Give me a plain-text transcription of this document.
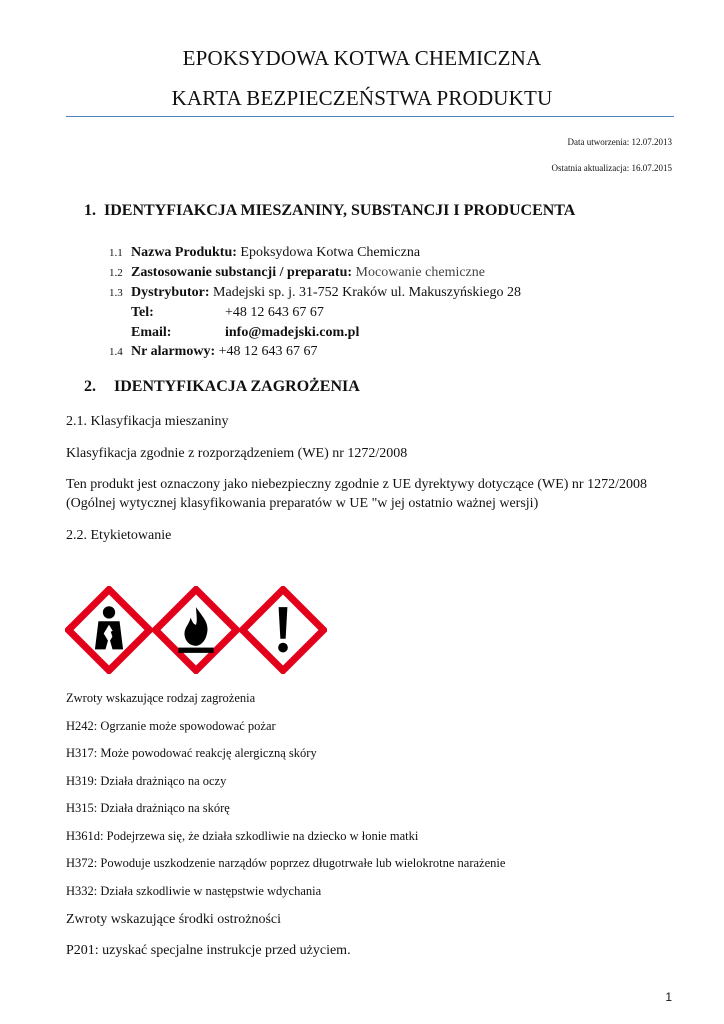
EPOKSYDOWA KOTWA CHEMICZNA
KARTA BEZPIECZEŃSTWA PRODUKTU
Data utworzenia: 12.07.2013
Ostatnia aktualizacja: 16.07.2015
1. IDENTYFIAKCJA MIESZANINY, SUBSTANCJI I PRODUCENTA
1.1 Nazwa Produktu: Epoksydowa Kotwa Chemiczna
1.2 Zastosowanie substancji / preparatu: Mocowanie chemiczne
1.3 Dystrybutor: Madejski sp. j. 31-752 Kraków ul. Makuszyńskiego 28
Tel:	+48 12 643 67 67
Email:	info@madejski.com.pl
1.4 Nr alarmowy: +48 12 643 67 67
2. IDENTYFIKACJA ZAGROŻENIA
2.1. Klasyfikacja mieszaniny
Klasyfikacja zgodnie z rozporządzeniem (WE) nr 1272/2008
Ten produkt jest oznaczony jako niebezpieczny zgodnie z UE dyrektywy dotyczące (WE) nr 1272/2008
(Ogólnej wytycznej klasyfikowania preparatów w UE "w jej ostatnio ważnej wersji)
2.2. Etykietowanie
Zwroty wskazujące rodzaj zagrożenia
H242: Ogrzanie może spowodować pożar
H317: Może powodować reakcję alergiczną skóry
H319: Działa drażniąco na oczy
H315: Działa drażniąco na skórę
H361d: Podejrzewa się, że działa szkodliwie na dziecko w łonie matki
H372: Powoduje uszkodzenie narządów poprzez długotrwałe lub wielokrotne narażenie
H332: Działa szkodliwie w następstwie wdychania
Zwroty wskazujące środki ostrożności
P201: uzyskać specjalne instrukcje przed użyciem.
1
